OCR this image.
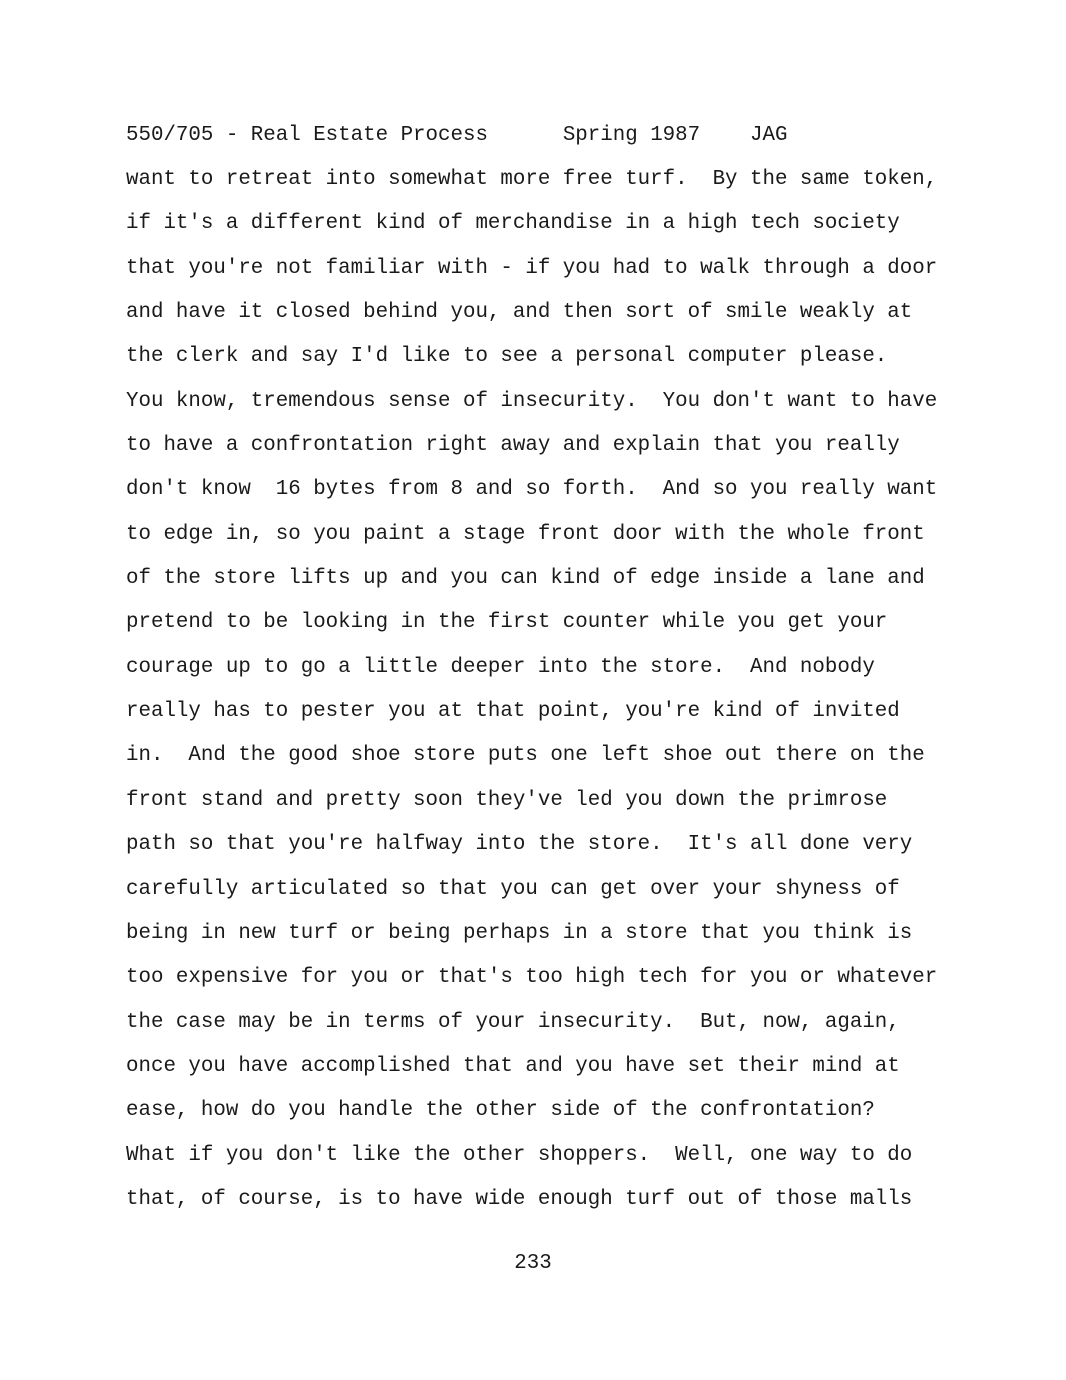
550/705 - Real Estate Process	Spring 1987 JAG
want to retreat into somewhat more free turf.  By the same token,
if it's a different kind of merchandise in a high tech society
that you're not familiar with - if you had to walk through a door
and have it closed behind you, and then sort of smile weakly at
the clerk and say I'd like to see a personal computer please.
You know, tremendous sense of insecurity.  You don't want to have
to have a confrontation right away and explain that you really
don't know  16 bytes from 8 and so forth.  And so you really want
to edge in, so you paint a stage front door with the whole front
of the store lifts up and you can kind of edge inside a lane and
pretend to be looking in the first counter while you get your
courage up to go a little deeper into the store.  And nobody
really has to pester you at that point, you're kind of invited
in.  And the good shoe store puts one left shoe out there on the
front stand and pretty soon they've led you down the primrose
path so that you're halfway into the store.  It's all done very
carefully articulated so that you can get over your shyness of
being in new turf or being perhaps in a store that you think is
too expensive for you or that's too high tech for you or whatever
the case may be in terms of your insecurity.  But, now, again,
once you have accomplished that and you have set their mind at
ease, how do you handle the other side of the confrontation?
What if you don't like the other shoppers.  Well, one way to do
that, of course, is to have wide enough turf out of those malls
233
